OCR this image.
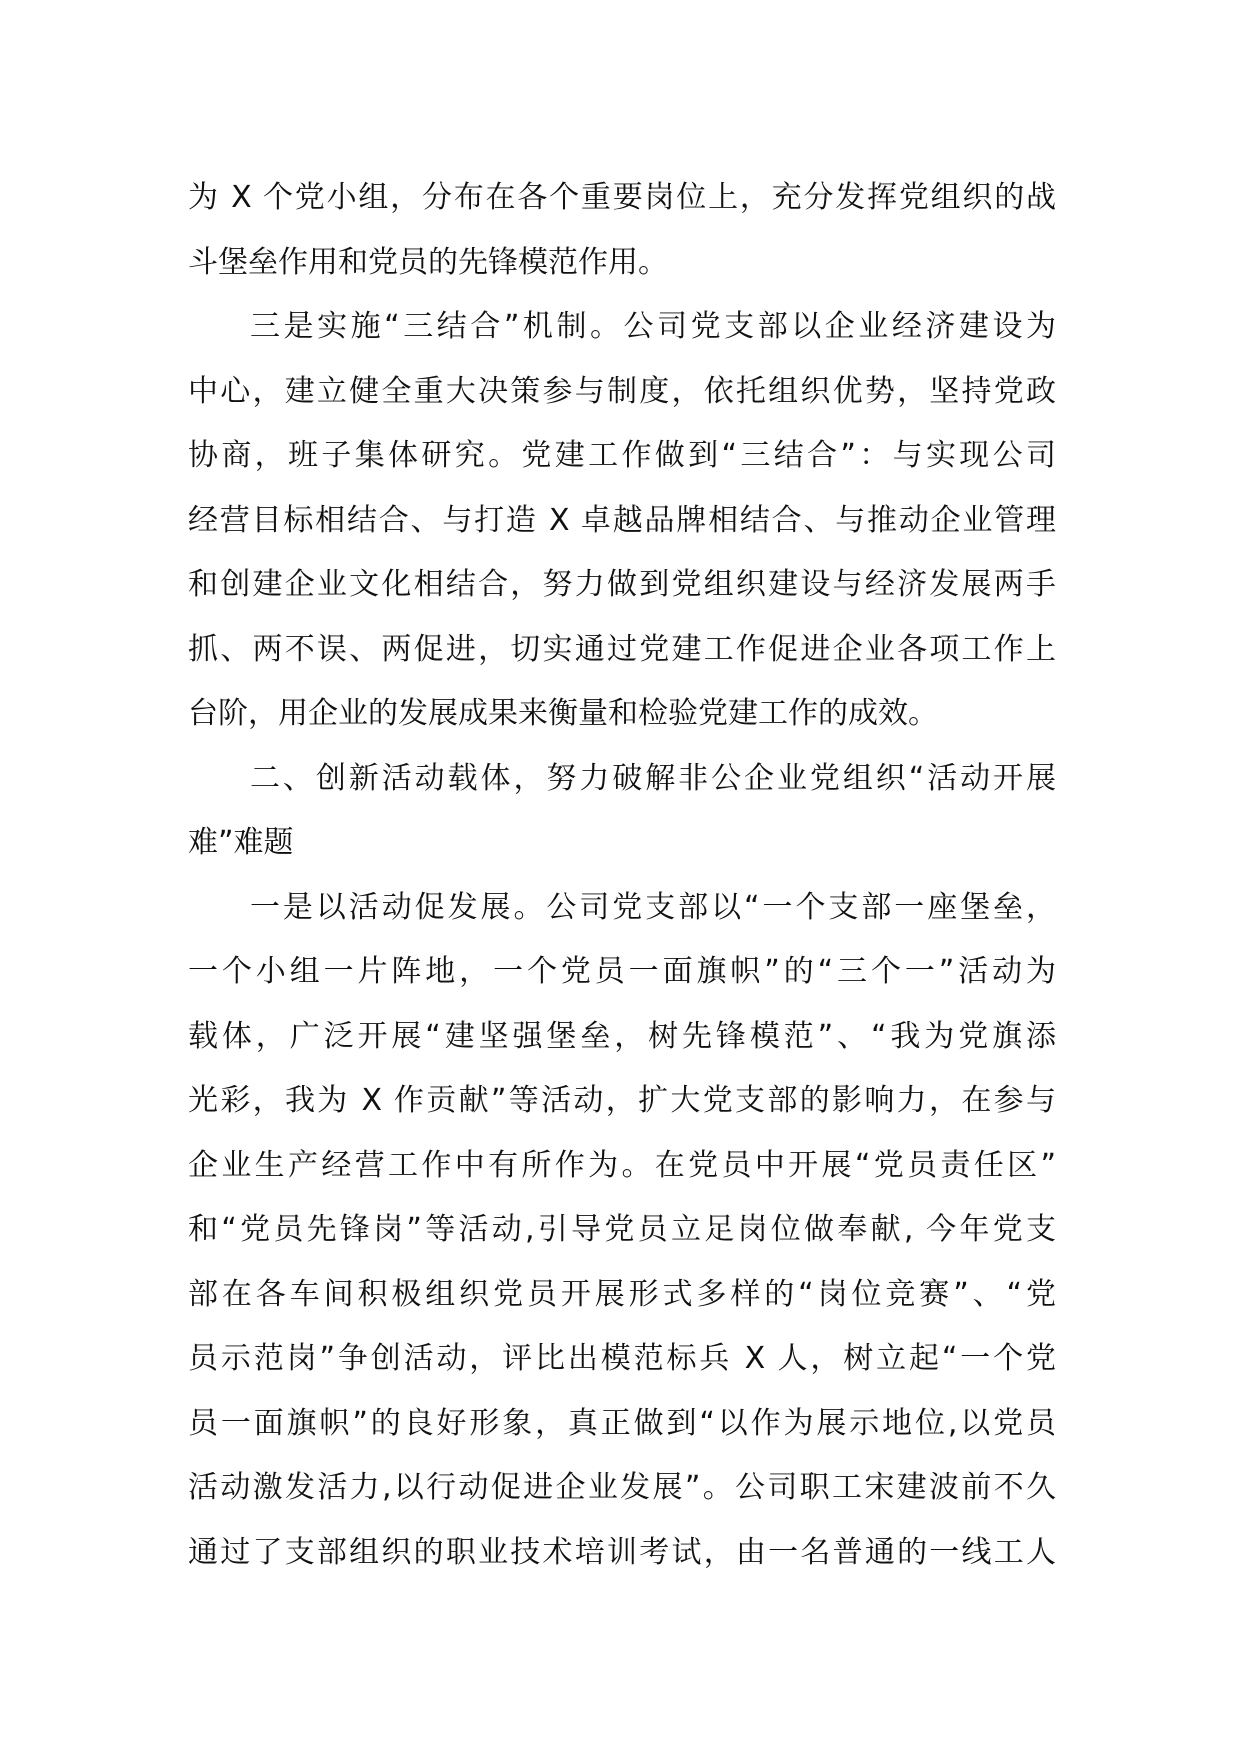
为 X 个党小组，分布在各个重要岗位上，充分发挥党组织的战
斗堡垒作用和党员的先锋模范作用。
三是实施“三结合”机制。公司党支部以企业经济建设为
中心，建立健全重大决策参与制度，依托组织优势，坚持党政
协商，班子集体研究。党建工作做到“三结合”：与实现公司
经营目标相结合、与打造 X 卓越品牌相结合、与推动企业管理
和创建企业文化相结合，努力做到党组织建设与经济发展两手
抓、两不误、两促进，切实通过党建工作促进企业各项工作上
台阶，用企业的发展成果来衡量和检验党建工作的成效。
二、创新活动载体，努力破解非公企业党组织“活动开展
难”难题
一是以活动促发展。公司党支部以“一个支部一座堡垒，
一个小组一片阵地，一个党员一面旗帜”的“三个一”活动为
载体，广泛开展“建坚强堡垒，树先锋模范”、“我为党旗添
光彩，我为 X 作贡献”等活动，扩大党支部的影响力，在参与
企业生产经营工作中有所作为。在党员中开展“党员责任区”
和“党员先锋岗”等活动,引导党员立足岗位做奉献, 今年党支
部在各车间积极组织党员开展形式多样的“岗位竞赛”、“党
员示范岗”争创活动，评比出模范标兵 X 人，树立起“一个党
员一面旗帜”的良好形象，真正做到“以作为展示地位,以党员
活动激发活力,以行动促进企业发展”。公司职工宋建波前不久
通过了支部组织的职业技术培训考试，由一名普通的一线工人
